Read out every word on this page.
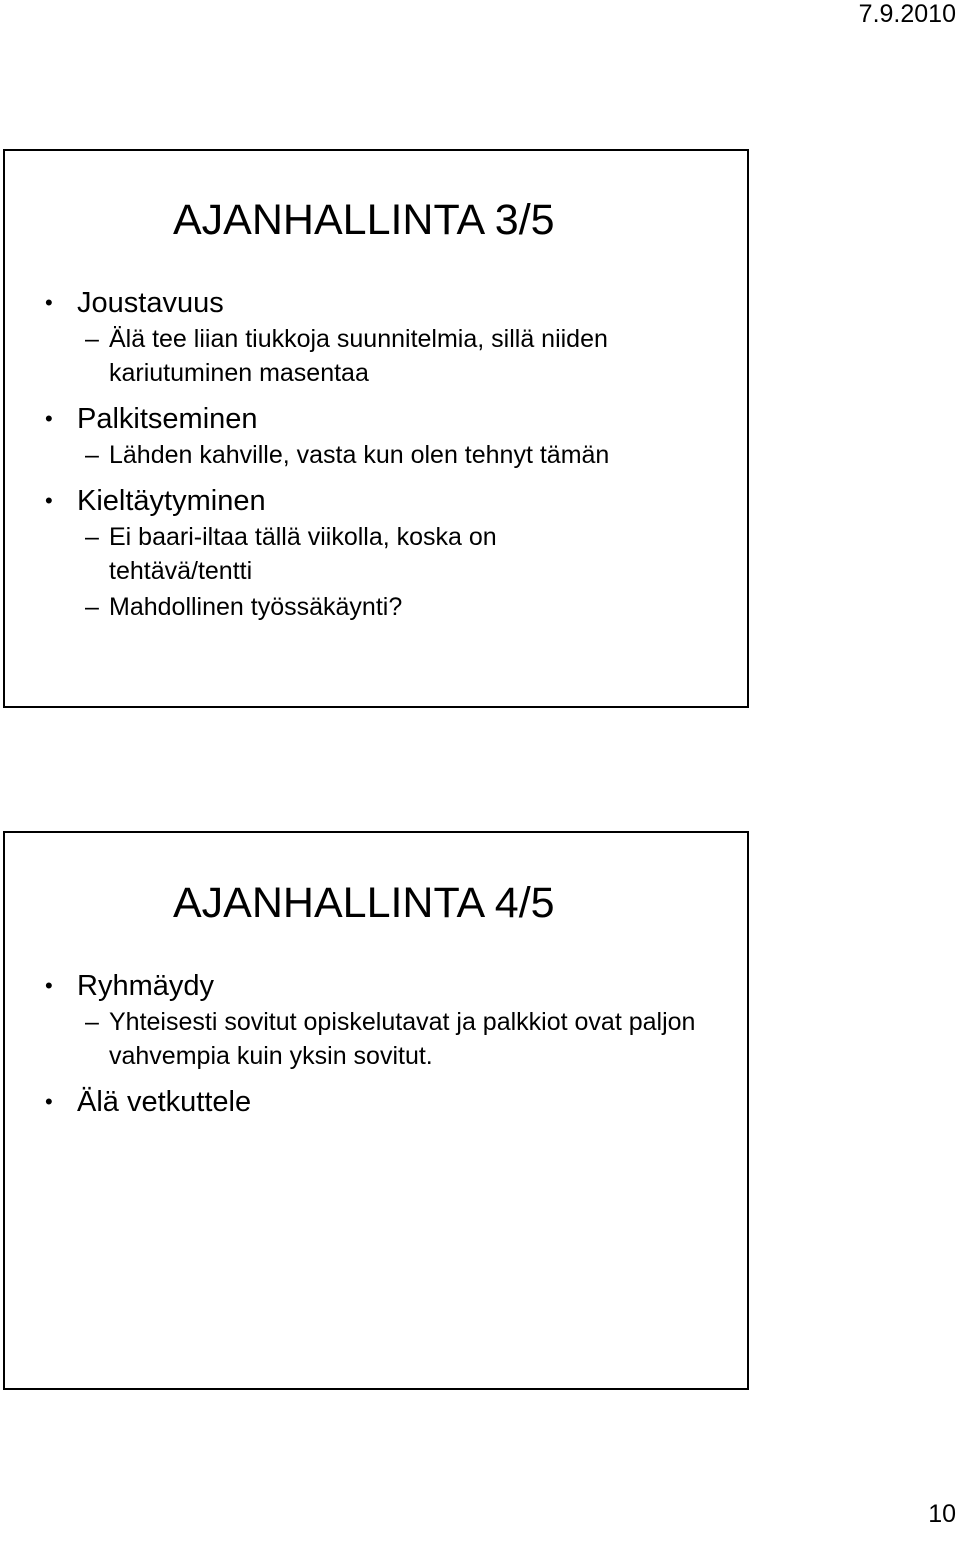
7.9.2010
AJANHALLINTA 3/5
• Joustavuus
– Älä tee liian tiukkoja suunnitelmia, sillä niiden kariutuminen masentaa
• Palkitseminen
– Lähden kahville, vasta kun olen tehnyt tämän
• Kieltäytyminen
– Ei baari-iltaa tällä viikolla, koska on tehtävä/tentti
– Mahdollinen työssäkäynti?
AJANHALLINTA 4/5
• Ryhmäydy
– Yhteisesti sovitut opiskelutavat ja palkkiot ovat paljon vahvempia kuin yksin sovitut.
• Älä vetkuttele
10
